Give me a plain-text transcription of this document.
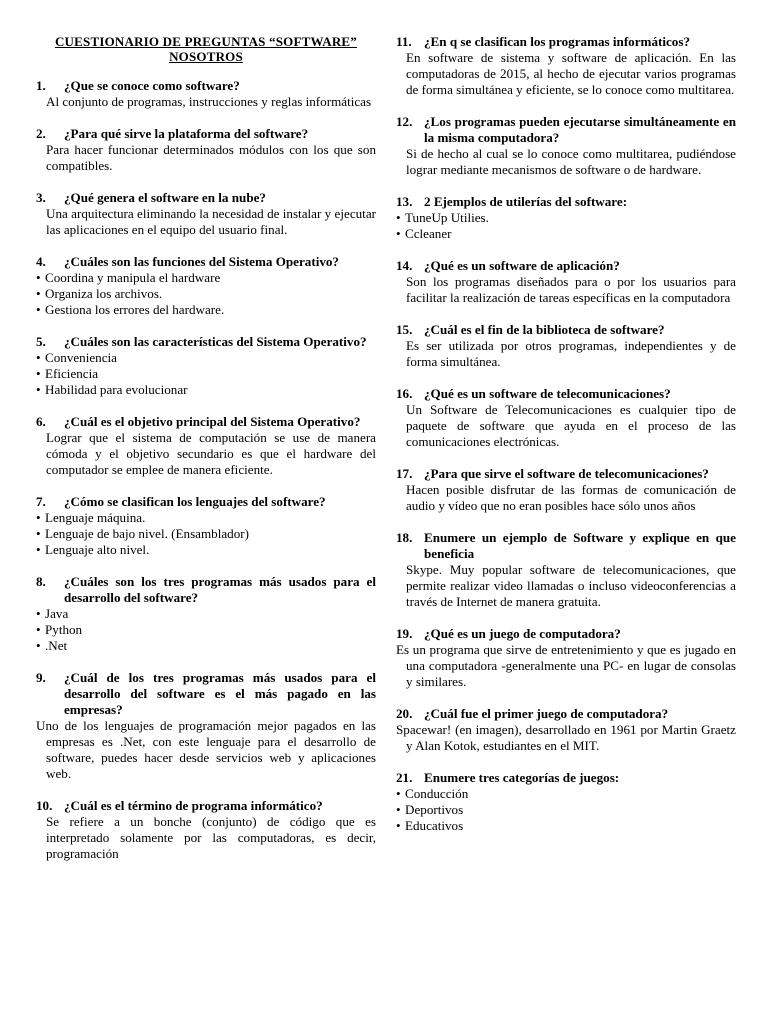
CUESTIONARIO DE PREGUNTAS “SOFTWARE”
NOSOTROS
1.	¿Que se conoce como software?
Al conjunto de programas, instrucciones y reglas informáticas
2.	¿Para qué sirve la plataforma del software?
Para hacer funcionar determinados módulos con los que son compatibles.
3.	¿Qué genera el software en la nube?
Una arquitectura eliminando la necesidad de instalar y ejecutar las aplicaciones en el equipo del usuario final.
4.	¿Cuáles son las funciones del Sistema Operativo?
• Coordina y manipula el hardware
• Organiza los archivos.
• Gestiona los errores del hardware.
5.	¿Cuáles son las características del Sistema Operativo?
• Conveniencia
• Eficiencia
• Habilidad para evolucionar
6.	¿Cuál es el objetivo principal del Sistema Operativo?
Lograr que el sistema de computación se use de manera cómoda y el objetivo secundario es que el hardware del computador se emplee de manera eficiente.
7.	¿Cómo se clasifican los lenguajes del software?
• Lenguaje máquina.
• Lenguaje de bajo nivel. (Ensamblador)
• Lenguaje alto nivel.
8.	¿Cuáles son los tres programas más usados para el desarrollo del software?
• Java
• Python
• .Net
9.	¿Cuál de los tres programas más usados para el desarrollo del software es el más pagado en las empresas?
Uno de los lenguajes de programación mejor pagados en las empresas es .Net, con este lenguaje para el desarrollo de software, puedes hacer desde servicios web y aplicaciones web.
10. ¿Cuál es el término de programa informático?
Se refiere a un bonche (conjunto) de código que es interpretado solamente por las computadoras, es decir, programación
11. ¿En q se clasifican los programas informáticos?
En software de sistema y software de aplicación. En las computadoras de 2015, al hecho de ejecutar varios programas de forma simultánea y eficiente, se lo conoce como multitarea.
12. ¿Los programas pueden ejecutarse simultáneamente en la misma computadora?
Si de hecho al cual se lo conoce como multitarea, pudiéndose lograr mediante mecanismos de software o de hardware.
13. 2 Ejemplos de utilerías del software:
• TuneUp Utilies.
• Ccleaner
14. ¿Qué es un software de aplicación?
Son los programas diseñados para o por los usuarios para facilitar la realización de tareas específicas en la computadora
15. ¿Cuál es el fin de la biblioteca de software?
Es ser utilizada por otros programas, independientes y de forma simultánea.
16. ¿Qué es un software de telecomunicaciones?
Un Software de Telecomunicaciones es cualquier tipo de paquete de software que ayuda en el proceso de las comunicaciones electrónicas.
17. ¿Para que sirve el software de telecomunicaciones?
Hacen posible disfrutar de las formas de comunicación de audio y vídeo que no eran posibles hace sólo unos años
18. Enumere un ejemplo de Software y explique en que beneficia
Skype. Muy popular software de telecomunicaciones, que permite realizar video llamadas o incluso videoconferencias a través de Internet de manera gratuita.
19. ¿Qué es un juego de computadora?
Es un programa que sirve de entretenimiento y que es jugado en una computadora -generalmente una PC- en lugar de consolas y similares.
20. ¿Cuál fue el primer juego de computadora?
Spacewar! (en imagen), desarrollado en 1961 por Martin Graetz y Alan Kotok, estudiantes en el MIT.
21. Enumere tres categorías de juegos:
• Conducción
• Deportivos
• Educativos
